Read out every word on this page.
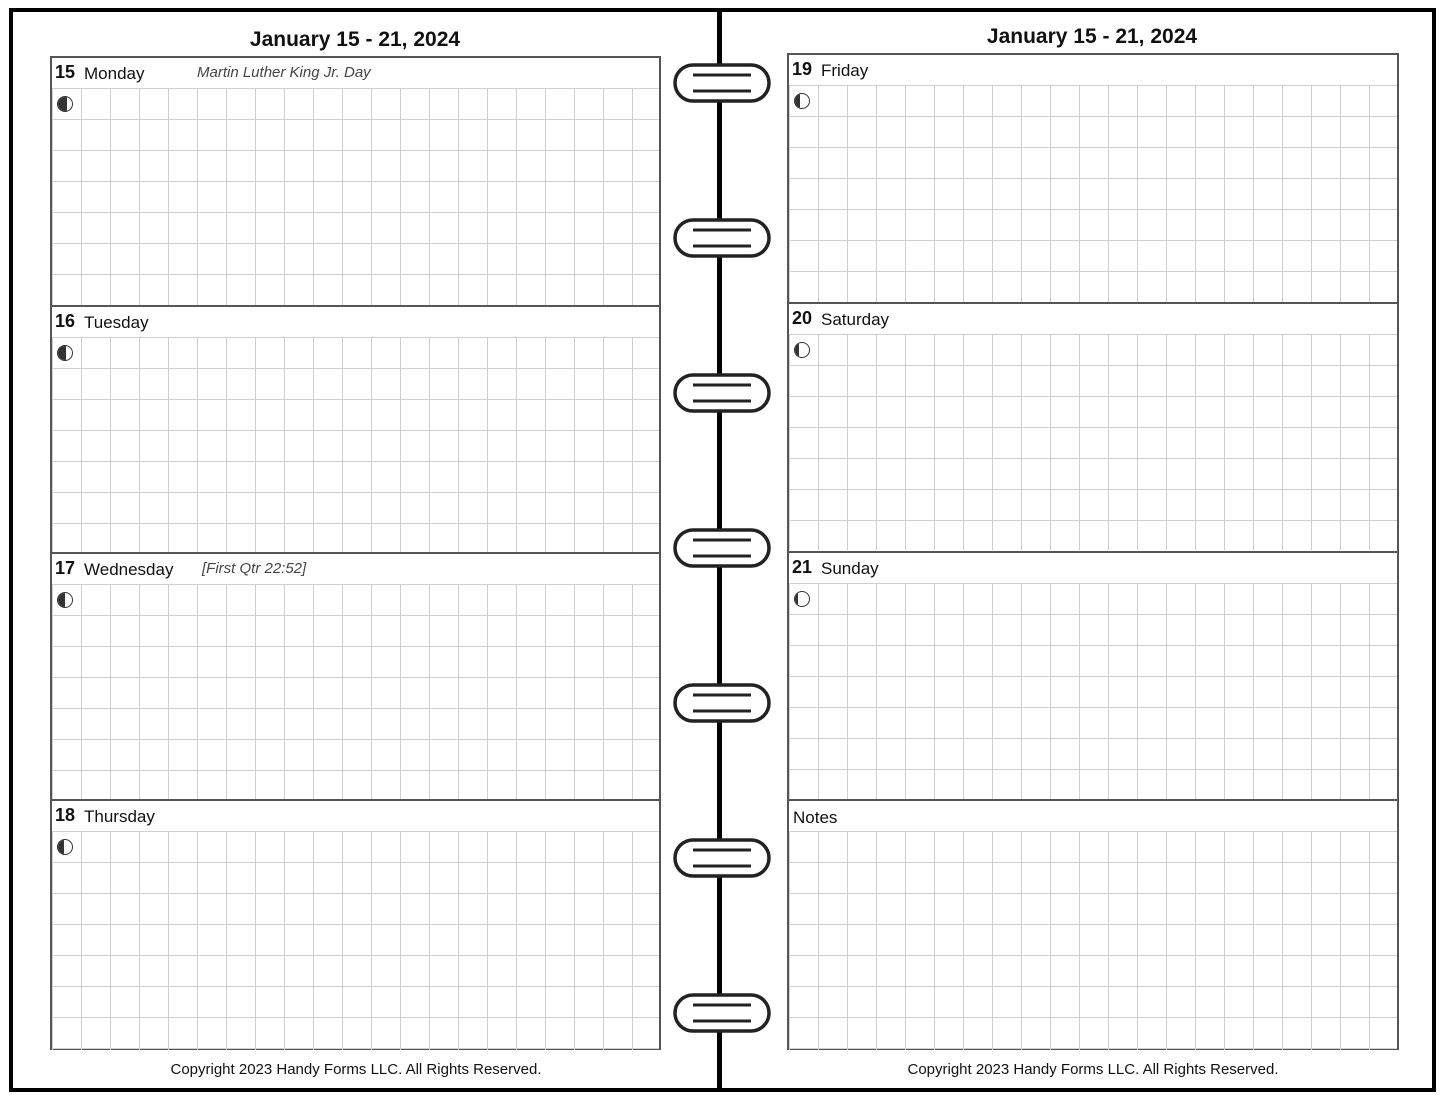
January 15 - 21, 2024
15 Monday	Martin Luther King Jr. Day
16 Tuesday
17 Wednesday [First Qtr 22:52]
18 Thursday
Copyright 2023 Handy Forms LLC. All Rights Reserved.
January 15 - 21, 2024
19 Friday
20 Saturday
21 Sunday
Notes
Copyright 2023 Handy Forms LLC. All Rights Reserved.
